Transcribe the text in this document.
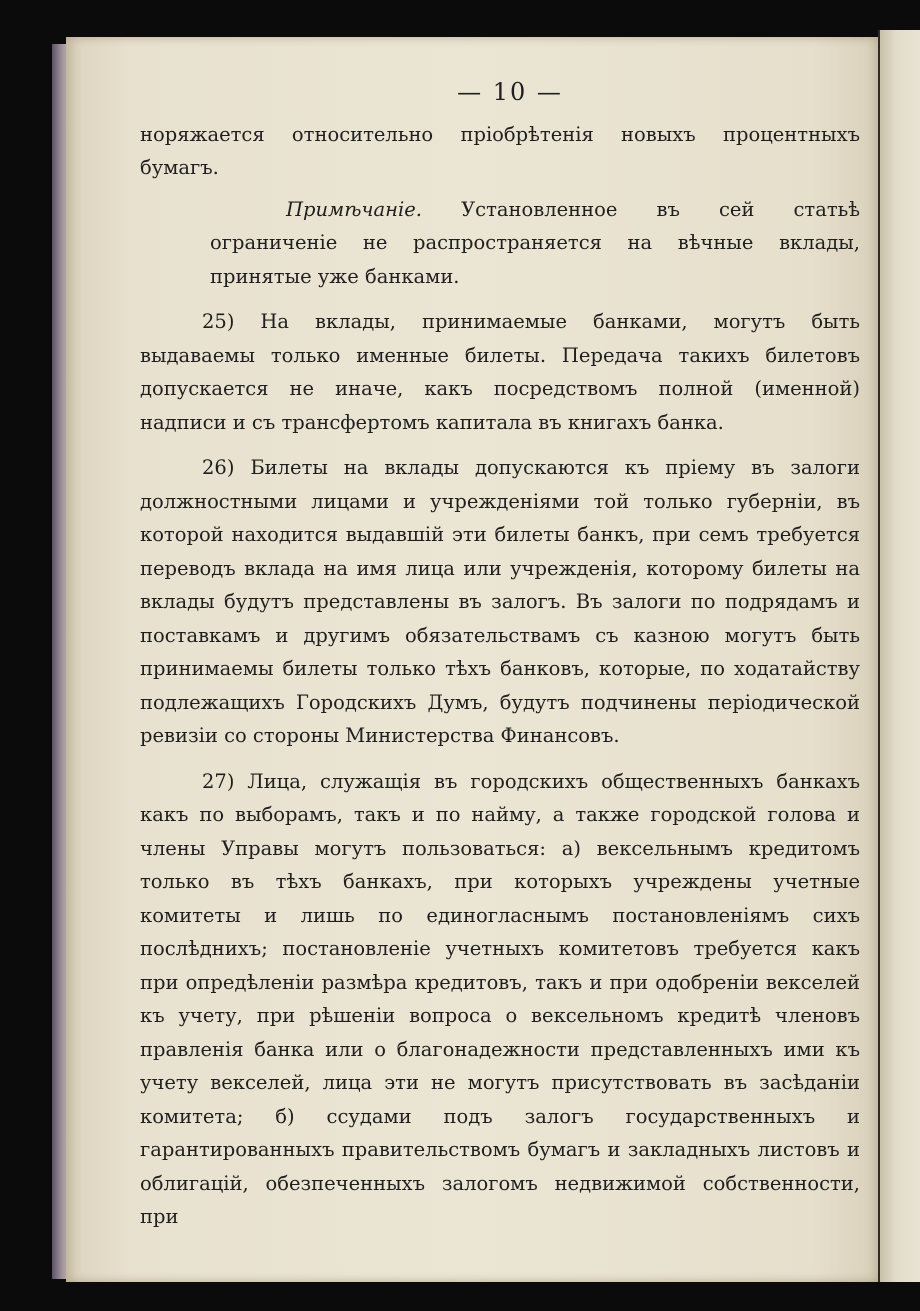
— 10 —

норяжается относительно пріобрѣтенія новыхъ процентныхъ бумагъ.

Примѣчаніе. Установленное въ сей статьѣ ограниченіе не распространяется на вѣчные вклады, принятые уже банками.

25) На вклады, принимаемые банками, могутъ быть выдаваемы только именные билеты. Передача такихъ билетовъ допускается не иначе, какъ посредствомъ полной (именной) надписи и съ трансфертомъ капитала въ книгахъ банка.

26) Билеты на вклады допускаются къ пріему въ залоги должностными лицами и учрежденіями той только губерніи, въ которой находится выдавшій эти билеты банкъ, при семъ требуется переводъ вклада на имя лица или учрежденія, которому билеты на вклады будутъ представлены въ залогъ. Въ залоги по подрядамъ и поставкамъ и другимъ обязательствамъ съ казною могутъ быть принимаемы билеты только тѣхъ банковъ, которые, по ходатайству подлежащихъ Городскихъ Думъ, будутъ подчинены періодической ревизіи со стороны Министерства Финансовъ.

27) Лица, служащія въ городскихъ общественныхъ банкахъ какъ по выборамъ, такъ и по найму, а также городской голова и члены Управы могутъ пользоваться: а) вексельнымъ кредитомъ только въ тѣхъ банкахъ, при которыхъ учреждены учетные комитеты и лишь по единогласнымъ постановленіямъ сихъ послѣднихъ; постановленіе учетныхъ комитетовъ требуется какъ при опредѣленіи размѣра кредитовъ, такъ и при одобреніи векселей къ учету, при рѣшеніи вопроса о вексельномъ кредитѣ членовъ правленія банка или о благонадежности представленныхъ ими къ учету векселей, лица эти не могутъ присутствовать въ засѣданіи комитета; б) ссудами подъ залогъ государственныхъ и гарантированныхъ правительствомъ бумагъ и закладныхъ листовъ и облигацій, обезпеченныхъ залогомъ недвижимой собственности, при
